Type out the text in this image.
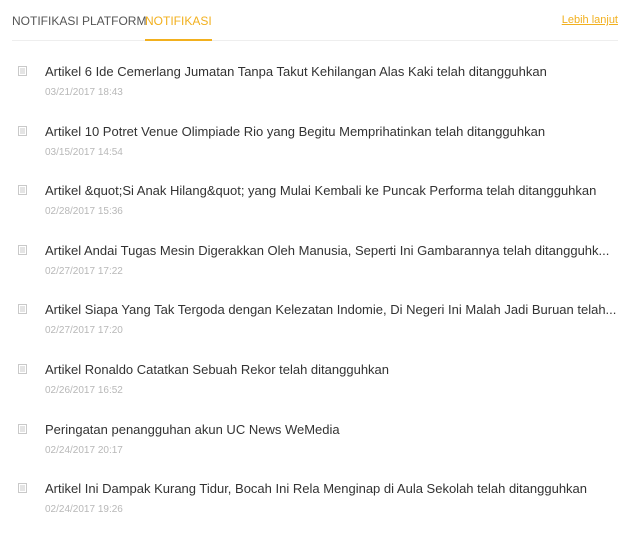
NOTIFIKASI PLATFORM
NOTIFIKASI	Lebih lanjut
Artikel 6 Ide Cemerlang Jumatan Tanpa Takut Kehilangan Alas Kaki telah ditangguhkan
03/21/2017 18:43
Artikel 10 Potret Venue Olimpiade Rio yang Begitu Memprihatinkan telah ditangguhkan
03/15/2017 14:54
Artikel &quot;Si Anak Hilang&quot; yang Mulai Kembali ke Puncak Performa telah ditangguhkan
02/28/2017 15:36
Artikel Andai Tugas Mesin Digerakkan Oleh Manusia, Seperti Ini Gambarannya telah ditangguhk...
02/27/2017 17:22
Artikel Siapa Yang Tak Tergoda dengan Kelezatan Indomie, Di Negeri Ini Malah Jadi Buruan telah...
02/27/2017 17:20
Artikel Ronaldo Catatkan Sebuah Rekor telah ditangguhkan
02/26/2017 16:52
Peringatan penangguhan akun UC News WeMedia
02/24/2017 20:17
Artikel Ini Dampak Kurang Tidur, Bocah Ini Rela Menginap di Aula Sekolah telah ditangguhkan
02/24/2017 19:26
